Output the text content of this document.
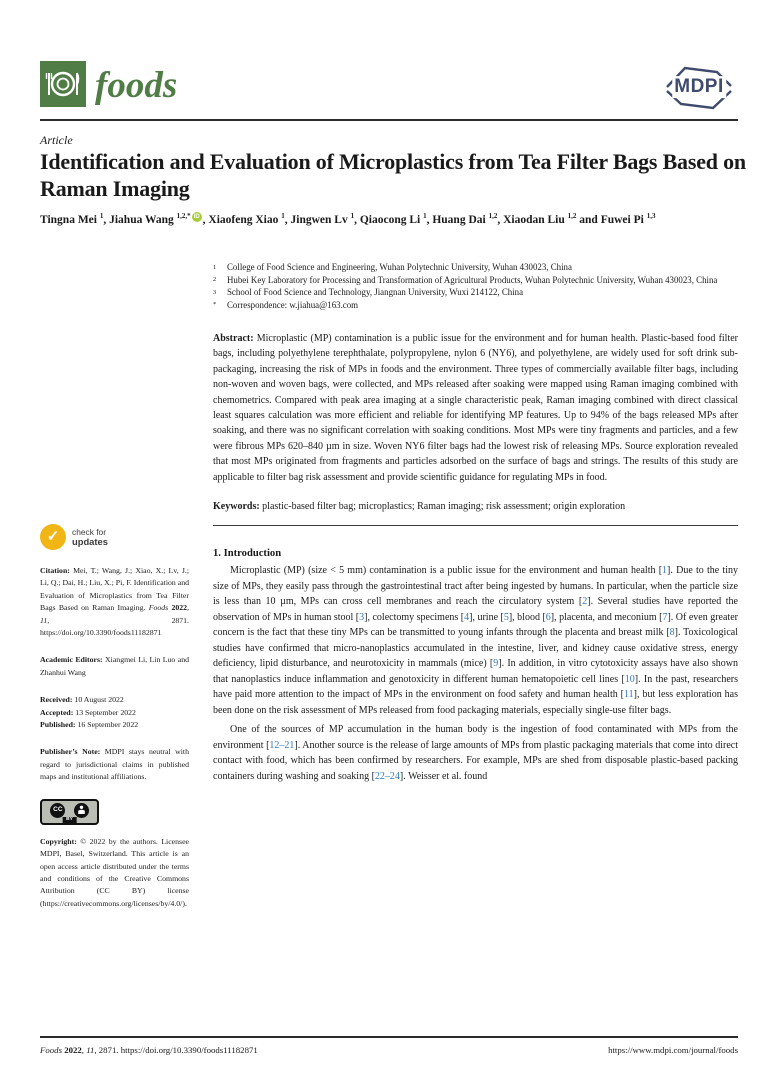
foods	MDPI
Article
Identification and Evaluation of Microplastics from Tea Filter Bags Based on Raman Imaging
Tingna Mei $^1$, Jiahua Wang $^{1,2,*}$ iD , Xiaofeng Xiao $^1$, Jingwen Lv $^1$, Qiaocong Li $^1$, Huang Dai $^{1,2}$, Xiaodan Liu $^{1,2}$ and Fuwei Pi $^{1,3}$
1	College of Food Science and Engineering, Wuhan Polytechnic University, Wuhan 430023, China
2	Hubei Key Laboratory for Processing and Transformation of Agricultural Products, Wuhan Polytechnic University, Wuhan 430023, China
3	School of Food Science and Technology, Jiangnan University, Wuxi 214122, China
*	Correspondence: w.jiahua@163.com
Abstract: Microplastic (MP) contamination is a public issue for the environment and for human health. Plastic-based food filter bags, including polyethylene terephthalate, polypropylene, nylon 6 (NY6), and polyethylene, are widely used for soft drink sub-packaging, increasing the risk of MPs in foods and the environment. Three types of commercially available filter bags, including non-woven and woven bags, were collected, and MPs released after soaking were mapped using Raman imaging combined with chemometrics. Compared with peak area imaging at a single characteristic peak, Raman imaging combined with direct classical least squares calculation was more efficient and reliable for identifying MP features. Up to 94% of the bags released MPs after soaking, and there was no significant correlation with soaking conditions. Most MPs were tiny fragments and particles, and a few were fibrous MPs 620–840 µm in size. Woven NY6 filter bags had the lowest risk of releasing MPs. Source exploration revealed that most MPs originated from fragments and particles adsorbed on the surface of bags and strings. The results of this study are applicable to filter bag risk assessment and provide scientific guidance for regulating MPs in food.
Keywords: plastic-based filter bag; microplastics; Raman imaging; risk assessment; origin exploration
1. Introduction

Microplastic (MP) (size < 5 mm) contamination is a public issue for the environment and human health [1]. Due to the tiny size of MPs, they easily pass through the gastrointestinal tract after being ingested by humans. In particular, when the particle size is less than 10 µm, MPs can cross cell membranes and reach the circulatory system [2]. Several studies have reported the observation of MPs in human stool [3], colectomy specimens [4], urine [5], blood [6], placenta, and meconium [7]. Of even greater concern is the fact that these tiny MPs can be transmitted to young infants through the placenta and breast milk [8]. Toxicological studies have confirmed that micro-nanoplastics accumulated in the intestine, liver, and kidney cause oxidative stress, energy deficiency, lipid disturbance, and neurotoxicity in mammals (mice) [9]. In addition, in vitro cytotoxicity assays have also shown that nanoplastics induce inflammation and genotoxicity in different human hematopoietic cell lines [10]. In the past, researchers have paid more attention to the impact of MPs in the environment on food safety and human health [11], but less exploration has been done on the risk assessment of MPs released from food packaging materials, especially single-use filter bags.

One of the sources of MP accumulation in the human body is the ingestion of food contaminated with MPs from the environment [12–21]. Another source is the release of large amounts of MPs from plastic packaging materials that come into direct contact with food, which has been confirmed by researchers. For example, MPs are shed from disposable plastic-based packing containers during washing and soaking [22–24]. Weisser et al. found

✓ check for
updates
Citation: Mei, T.; Wang, J.; Xiao, X.; Lv, J.; Li, Q.; Dai, H.; Liu, X.; Pi, F. Identification and Evaluation of Microplastics from Tea Filter Bags Based on Raman Imaging. Foods 2022, 11, 2871. https://doi.org/10.3390/foods11182871
Academic Editors: Xiangmei Li, Lin Luo and Zhanhui Wang
Received: 10 August 2022
Accepted: 13 September 2022
Published: 16 September 2022
Publisher’s Note: MDPI stays neutral with regard to jurisdictional claims in published maps and institutional affiliations.
CC
BY
Copyright: © 2022 by the authors. Licensee MDPI, Basel, Switzerland. This article is an open access article distributed under the terms and conditions of the Creative Commons Attribution (CC BY) license (https://creativecommons.org/licenses/by/4.0/).
Foods 2022, 11, 2871. https://doi.org/10.3390/foods11182871	https://www.mdpi.com/journal/foods
